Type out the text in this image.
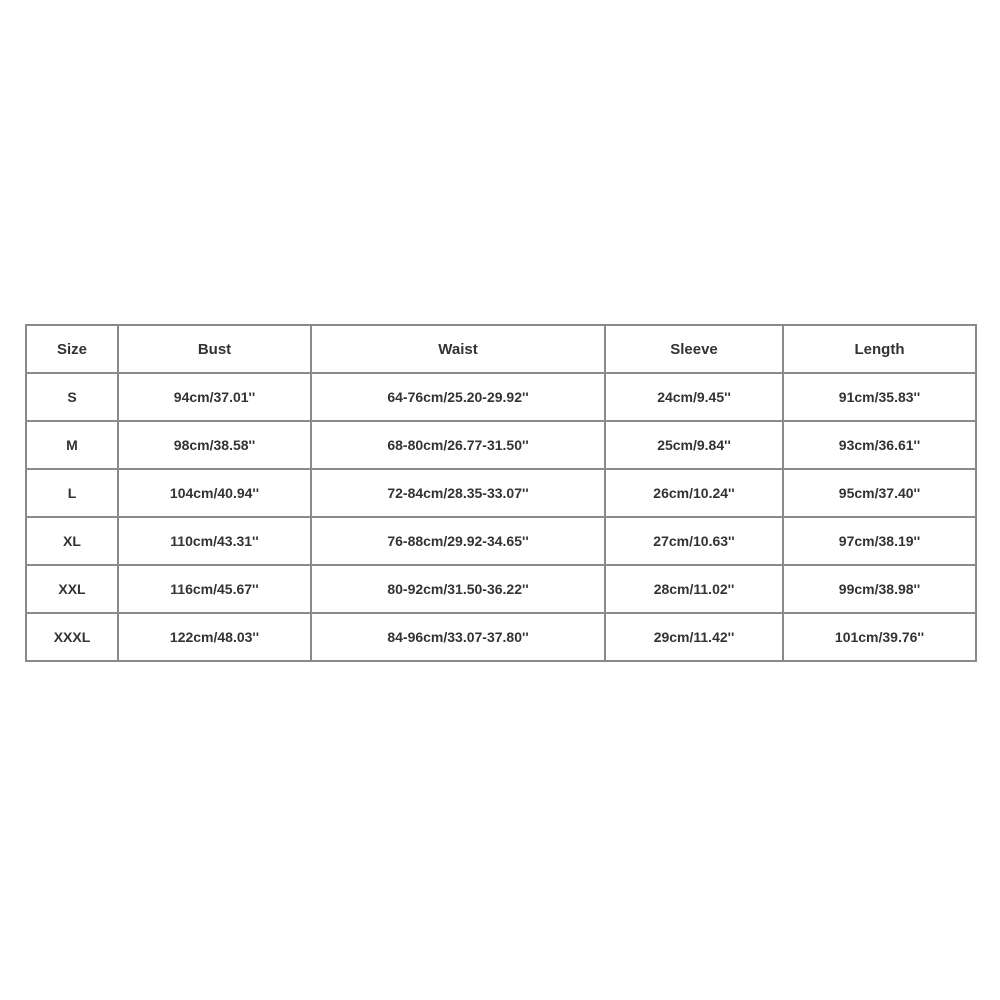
Size	Bust	Waist	Sleeve	Length
S	94cm/37.01''	64-76cm/25.20-29.92''	24cm/9.45''	91cm/35.83''
M	98cm/38.58''	68-80cm/26.77-31.50''	25cm/9.84''	93cm/36.61''
L	104cm/40.94''	72-84cm/28.35-33.07''	26cm/10.24''	95cm/37.40''
XL	110cm/43.31''	76-88cm/29.92-34.65''	27cm/10.63''	97cm/38.19''
XXL	116cm/45.67''	80-92cm/31.50-36.22''	28cm/11.02''	99cm/38.98''
XXXL	122cm/48.03''	84-96cm/33.07-37.80''	29cm/11.42''	101cm/39.76''
